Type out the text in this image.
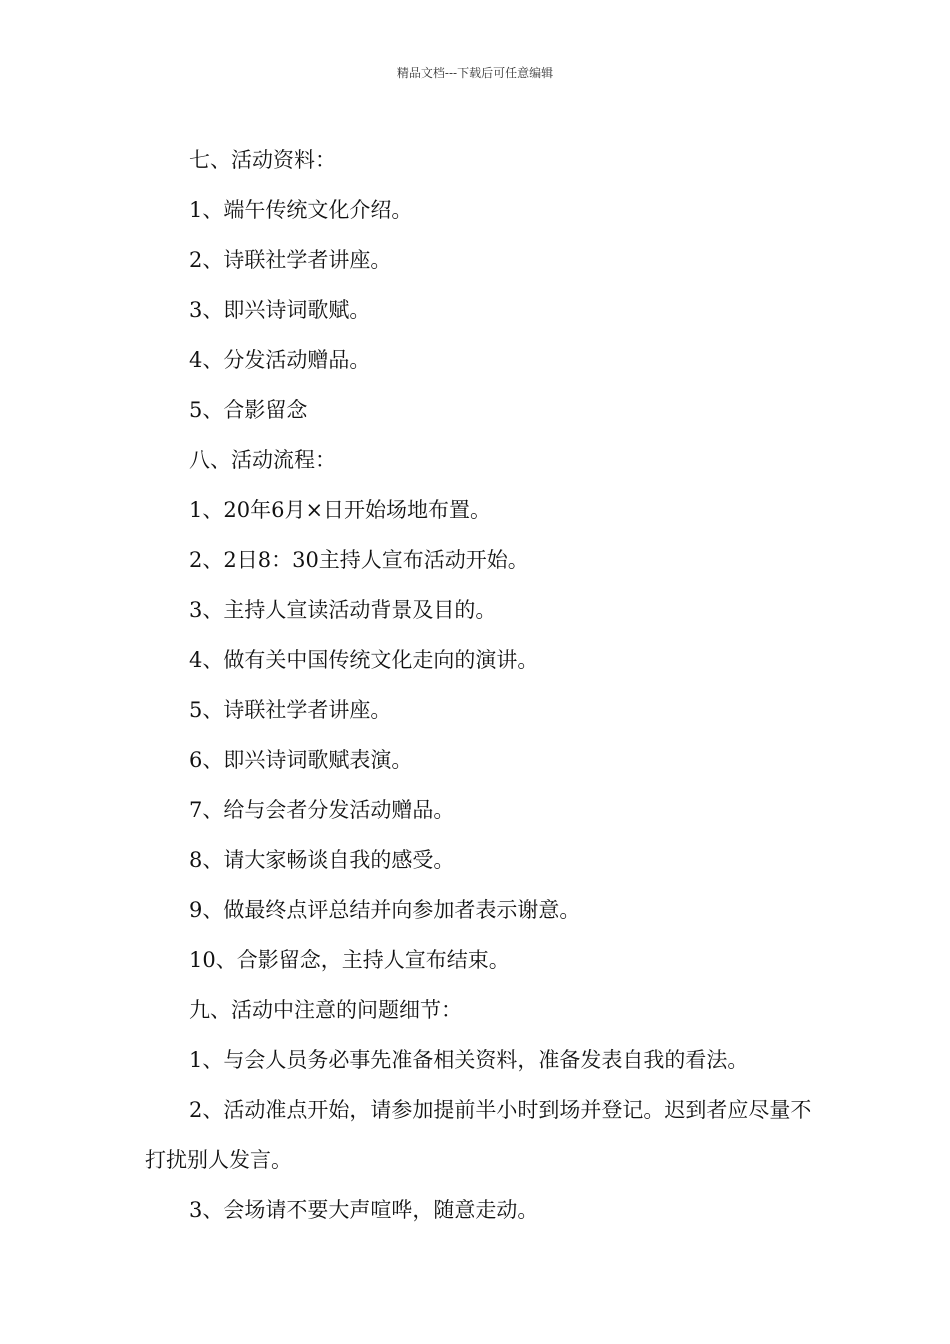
精品文档---下载后可任意编辑

七、活动资料：

1、端午传统文化介绍。

2、诗联社学者讲座。

3、即兴诗词歌赋。

4、分发活动赠品。

5、合影留念

八、活动流程：

1、20年6月×日开始场地布置。

2、2日8：30主持人宣布活动开始。

3、主持人宣读活动背景及目的。

4、做有关中国传统文化走向的演讲。

5、诗联社学者讲座。

6、即兴诗词歌赋表演。

7、给与会者分发活动赠品。

8、请大家畅谈自我的感受。

9、做最终点评总结并向参加者表示谢意。

10、合影留念，主持人宣布结束。

九、活动中注意的问题细节：

1、与会人员务必事先准备相关资料，准备发表自我的看法。

2、活动准点开始，请参加提前半小时到场并登记。迟到者应尽量不打扰别人发言。

3、会场请不要大声喧哗，随意走动。
